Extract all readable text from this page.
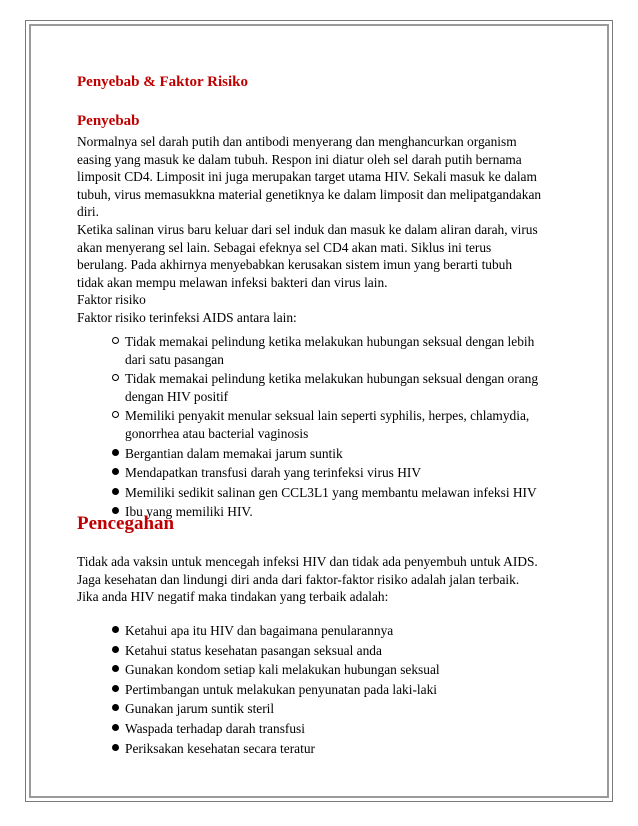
Penyebab & Faktor Risiko
Penyebab
Normalnya sel darah putih dan antibodi menyerang dan menghancurkan organism
easing yang masuk ke dalam tubuh. Respon ini diatur oleh sel darah putih bernama
limposit CD4. Limposit ini juga merupakan target utama HIV. Sekali masuk ke dalam
tubuh, virus memasukkna material genetiknya ke dalam limposit dan melipatgandakan
diri.
Ketika salinan virus baru keluar dari sel induk dan masuk ke dalam aliran darah, virus
akan menyerang sel lain. Sebagai efeknya sel CD4 akan mati. Siklus ini terus
berulang. Pada akhirnya menyebabkan kerusakan sistem imun yang berarti tubuh
tidak akan mempu melawan infeksi bakteri dan virus lain.
Faktor risiko
Faktor risiko terinfeksi AIDS antara lain:
Tidak memakai pelindung ketika melakukan hubungan seksual dengan lebih
dari satu pasangan
Tidak memakai pelindung ketika melakukan hubungan seksual dengan orang
dengan HIV positif
Memiliki penyakit menular seksual lain seperti syphilis, herpes, chlamydia,
gonorrhea atau bacterial vaginosis
Bergantian dalam memakai jarum suntik
Mendapatkan transfusi darah yang terinfeksi virus HIV
Memiliki sedikit salinan gen CCL3L1 yang membantu melawan infeksi HIV
Ibu yang memiliki HIV.
Pencegahan
Tidak ada vaksin untuk mencegah infeksi HIV dan tidak ada penyembuh untuk AIDS.
Jaga kesehatan dan lindungi diri anda dari faktor-faktor risiko adalah jalan terbaik.
Jika anda HIV negatif maka tindakan yang terbaik adalah:
Ketahui apa itu HIV dan bagaimana penularannya
Ketahui status kesehatan pasangan seksual anda
Gunakan kondom setiap kali melakukan hubungan seksual
Pertimbangan untuk melakukan penyunatan pada laki-laki
Gunakan jarum suntik steril
Waspada terhadap darah transfusi
Periksakan kesehatan secara teratur
